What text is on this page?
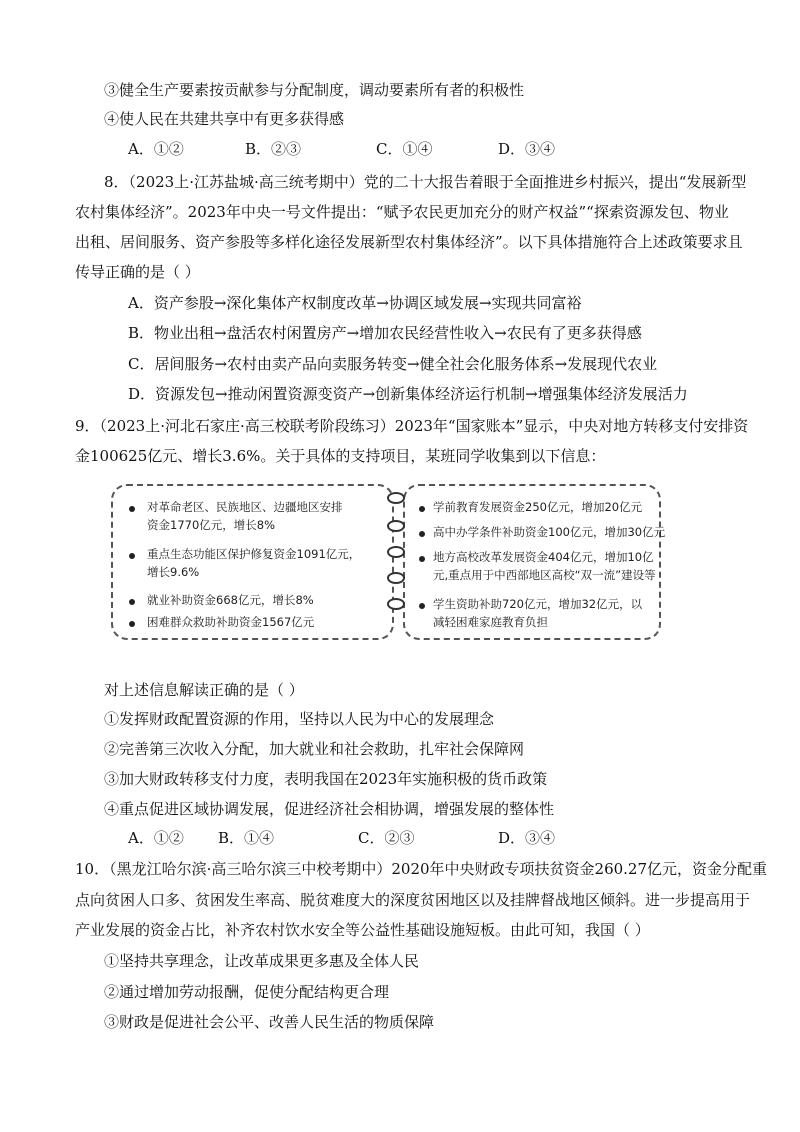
③健全生产要素按贡献参与分配制度，调动要素所有者的积极性
④使人民在共建共享中有更多获得感
A．①②	B．②③	C．①④	D．③④
8．（2023上·江苏盐城·高三统考期中）党的二十大报告着眼于全面推进乡村振兴，提出“发展新型
农村集体经济”。2023年中央一号文件提出：“赋予农民更加充分的财产权益”“探索资源发包、物业
出租、居间服务、资产参股等多样化途径发展新型农村集体经济”。以下具体措施符合上述政策要求且
传导正确的是（ ）
A．资产参股→深化集体产权制度改革→协调区域发展→实现共同富裕
B．物业出租→盘活农村闲置房产→增加农民经营性收入→农民有了更多获得感
C．居间服务→农村由卖产品向卖服务转变→健全社会化服务体系→发展现代农业
D．资源发包→推动闲置资源变资产→创新集体经济运行机制→增强集体经济发展活力
9．（2023上·河北石家庄·高三校联考阶段练习）2023年“国家账本”显示，中央对地方转移支付安排资
金100625亿元、增长3.6%。关于具体的支持项目，某班同学收集到以下信息：
对革命老区、民族地区、边疆地区安排
资金1770亿元，增长8%
重点生态功能区保护修复资金1091亿元，
增长9.6%
就业补助资金668亿元，增长8%
困难群众救助补助资金1567亿元
学前教育发展资金250亿元，增加20亿元
高中办学条件补助资金100亿元，增加30亿元
地方高校改革发展资金404亿元，增加10亿
元,重点用于中西部地区高校“双一流”建设等
学生资助补助720亿元，增加32亿元，以
减轻困难家庭教育负担
对上述信息解读正确的是（ ）
①发挥财政配置资源的作用，坚持以人民为中心的发展理念
②完善第三次收入分配，加大就业和社会救助，扎牢社会保障网
③加大财政转移支付力度，表明我国在2023年实施积极的货币政策
④重点促进区域协调发展，促进经济社会相协调，增强发展的整体性
A．①② B．①④	C．②③	D．③④
10．（黑龙江哈尔滨·高三哈尔滨三中校考期中）2020年中央财政专项扶贫资金260.27亿元，资金分配重
点向贫困人口多、贫困发生率高、脱贫难度大的深度贫困地区以及挂牌督战地区倾斜。进一步提高用于
产业发展的资金占比，补齐农村饮水安全等公益性基础设施短板。由此可知，我国（ ）
①坚持共享理念，让改革成果更多惠及全体人民
②通过增加劳动报酬，促使分配结构更合理
③财政是促进社会公平、改善人民生活的物质保障
